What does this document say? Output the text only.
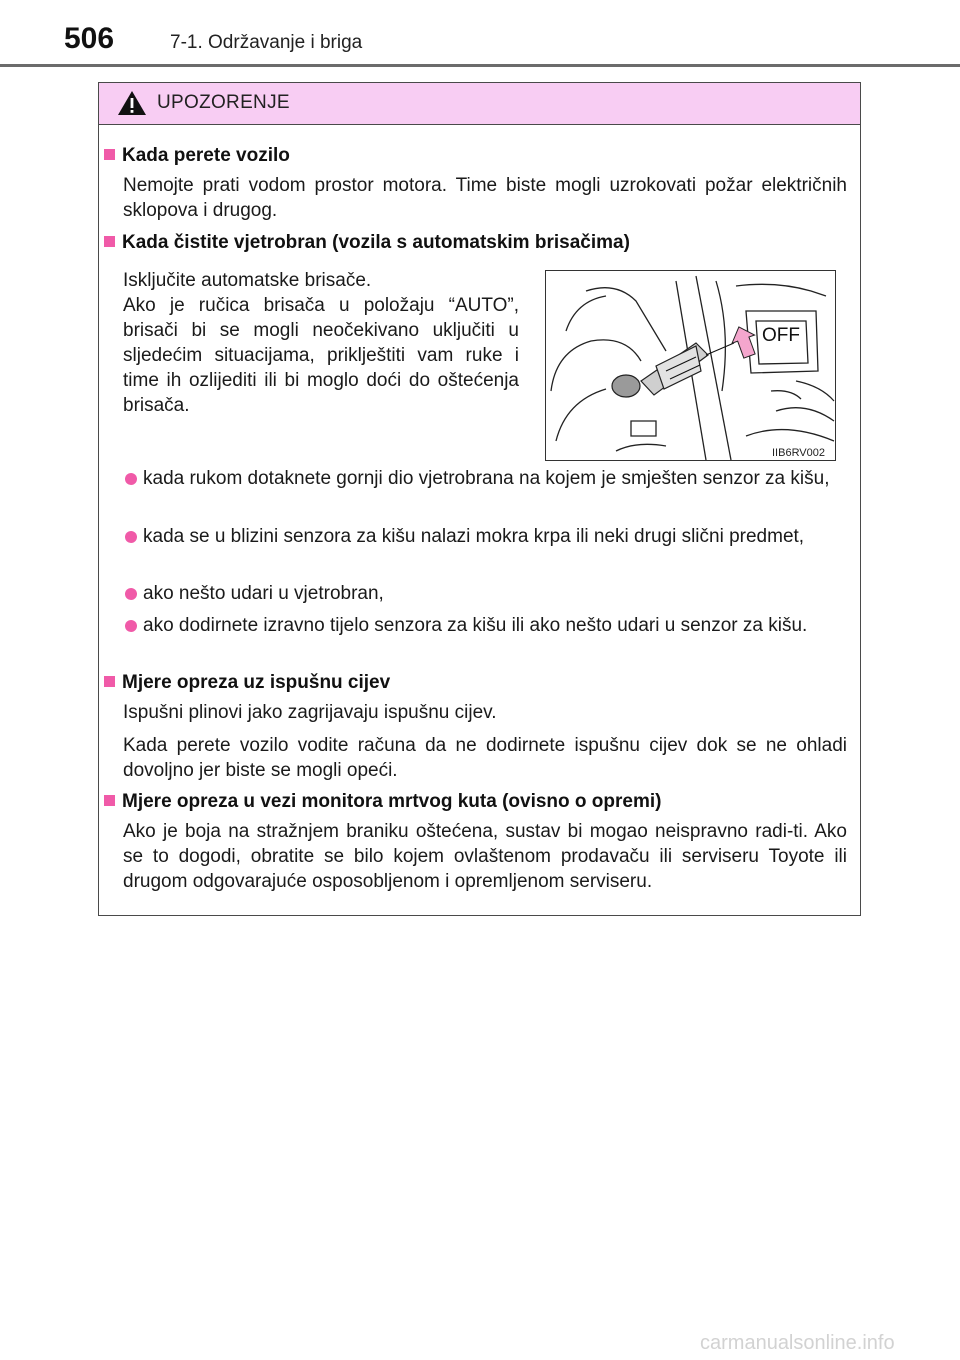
506	7-1. Održavanje i briga
UPOZORENJE
Kada perete vozilo
Nemojte prati vodom prostor motora. Time biste mogli uzrokovati požar električnih sklopova i drugog.
Kada čistite vjetrobran (vozila s automatskim brisačima)
Isključite automatske brisače.
Ako je ručica brisača u položaju “AUTO”, brisači bi se mogli neočekivano uključiti u sljedećim situacijama, priklještiti vam ruke i time ih ozlijediti ili bi moglo doći do oštećenja brisača.
OFF
IIB6RV002
kada rukom dotaknete gornji dio vjetrobrana na kojem je smješten senzor za kišu,
kada se u blizini senzora za kišu nalazi mokra krpa ili neki drugi slični predmet,
ako nešto udari u vjetrobran,
ako dodirnete izravno tijelo senzora za kišu ili ako nešto udari u senzor za kišu.
Mjere opreza uz ispušnu cijev
Ispušni plinovi jako zagrijavaju ispušnu cijev.
Kada perete vozilo vodite računa da ne dodirnete ispušnu cijev dok se ne ohladi dovoljno jer biste se mogli opeći.
Mjere opreza u vezi monitora mrtvog kuta (ovisno o opremi)
Ako je boja na stražnjem braniku oštećena, sustav bi mogao neispravno radi-ti. Ako se to dogodi, obratite se bilo kojem ovlaštenom prodavaču ili serviseru Toyote ili drugom odgovarajuće osposobljenom i opremljenom serviseru.
carmanualsonline.info
